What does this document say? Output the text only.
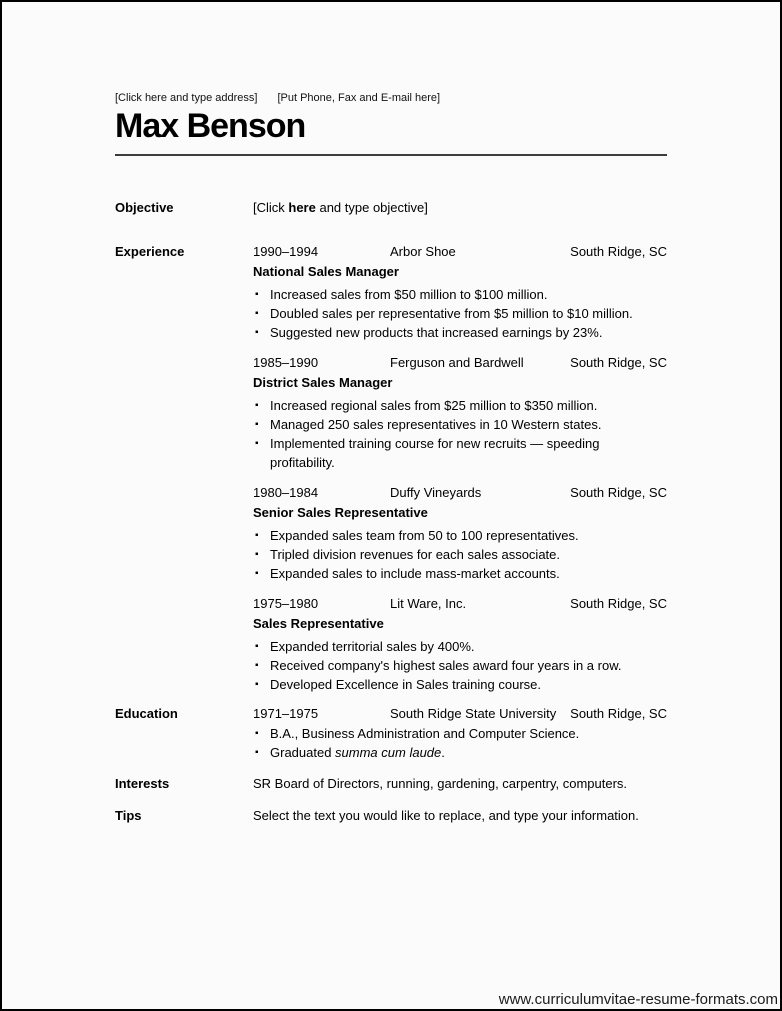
[Click here and type address] [Put Phone, Fax and E-mail here]
Max Benson
Objective	[Click here and type objective]
Experience	1990–1994	Arbor Shoe	South Ridge, SC
National Sales Manager
▪ Increased sales from $50 million to $100 million.
▪ Doubled sales per representative from $5 million to $10 million.
▪ Suggested new products that increased earnings by 23%.
1985–1990	Ferguson and Bardwell	South Ridge, SC
District Sales Manager
▪ Increased regional sales from $25 million to $350 million.
▪ Managed 250 sales representatives in 10 Western states.
▪ Implemented training course for new recruits — speeding profitability.
1980–1984	Duffy Vineyards	South Ridge, SC
Senior Sales Representative
▪ Expanded sales team from 50 to 100 representatives.
▪ Tripled division revenues for each sales associate.
▪ Expanded sales to include mass-market accounts.
1975–1980	Lit Ware, Inc.	South Ridge, SC
Sales Representative
▪ Expanded territorial sales by 400%.
▪ Received company's highest sales award four years in a row.
▪ Developed Excellence in Sales training course.
Education	1971–1975	South Ridge State University	South Ridge, SC
▪ B.A., Business Administration and Computer Science.
▪ Graduated summa cum laude.
Interests	SR Board of Directors, running, gardening, carpentry, computers.
Tips	Select the text you would like to replace, and type your information.
www.curriculumvitae-resume-formats.com
